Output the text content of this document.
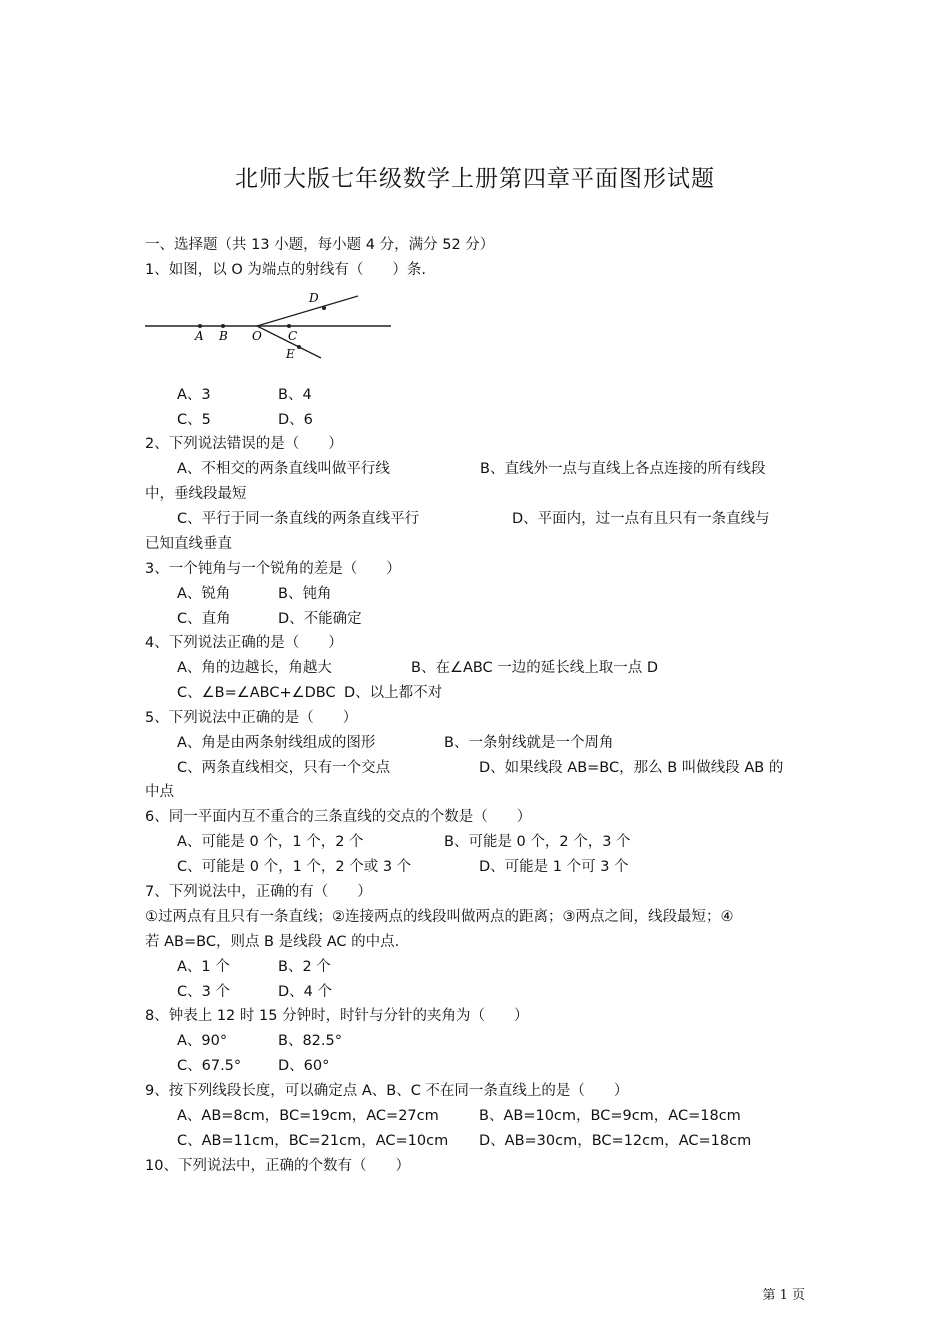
北师大版七年级数学上册第四章平面图形试题
一、选择题（共 13 小题，每小题 4 分，满分 52 分）
1、如图，以 O 为端点的射线有（　　）条.
A B O C
D
E
A、3	B、4
C、5	D、6
2、下列说法错误的是（　　）
A、不相交的两条直线叫做平行线	B、直线外一点与直线上各点连接的所有线段
中，垂线段最短
C、平行于同一条直线的两条直线平行	D、平面内，过一点有且只有一条直线与
已知直线垂直
3、一个钝角与一个锐角的差是（　　）
A、锐角	B、钝角
C、直角	D、不能确定
4、下列说法正确的是（　　）
A、角的边越长，角越大	B、在∠ABC 一边的延长线上取一点 D
C、∠B=∠ABC+∠DBC D、以上都不对
5、下列说法中正确的是（　　）
A、角是由两条射线组成的图形	B、一条射线就是一个周角
C、两条直线相交，只有一个交点	D、如果线段 AB=BC，那么 B 叫做线段 AB 的
中点
6、同一平面内互不重合的三条直线的交点的个数是（　　）
A、可能是 0 个，1 个，2 个	B、可能是 0 个，2 个，3 个
C、可能是 0 个，1 个，2 个或 3 个	D、可能是 1 个可 3 个
7、下列说法中，正确的有（　　）
①过两点有且只有一条直线；②连接两点的线段叫做两点的距离；③两点之间，线段最短；④
若 AB=BC，则点 B 是线段 AC 的中点.
A、1 个	B、2 个
C、3 个	D、4 个
8、钟表上 12 时 15 分钟时，时针与分针的夹角为（　　）
A、90°	B、82.5°
C、67.5°	D、60°
9、按下列线段长度，可以确定点 A、B、C 不在同一条直线上的是（　　）
A、AB=8cm，BC=19cm，AC=27cm	B、AB=10cm，BC=9cm，AC=18cm
C、AB=11cm，BC=21cm，AC=10cm D、AB=30cm，BC=12cm，AC=18cm
10、下列说法中，正确的个数有（　　）
第 1 页
